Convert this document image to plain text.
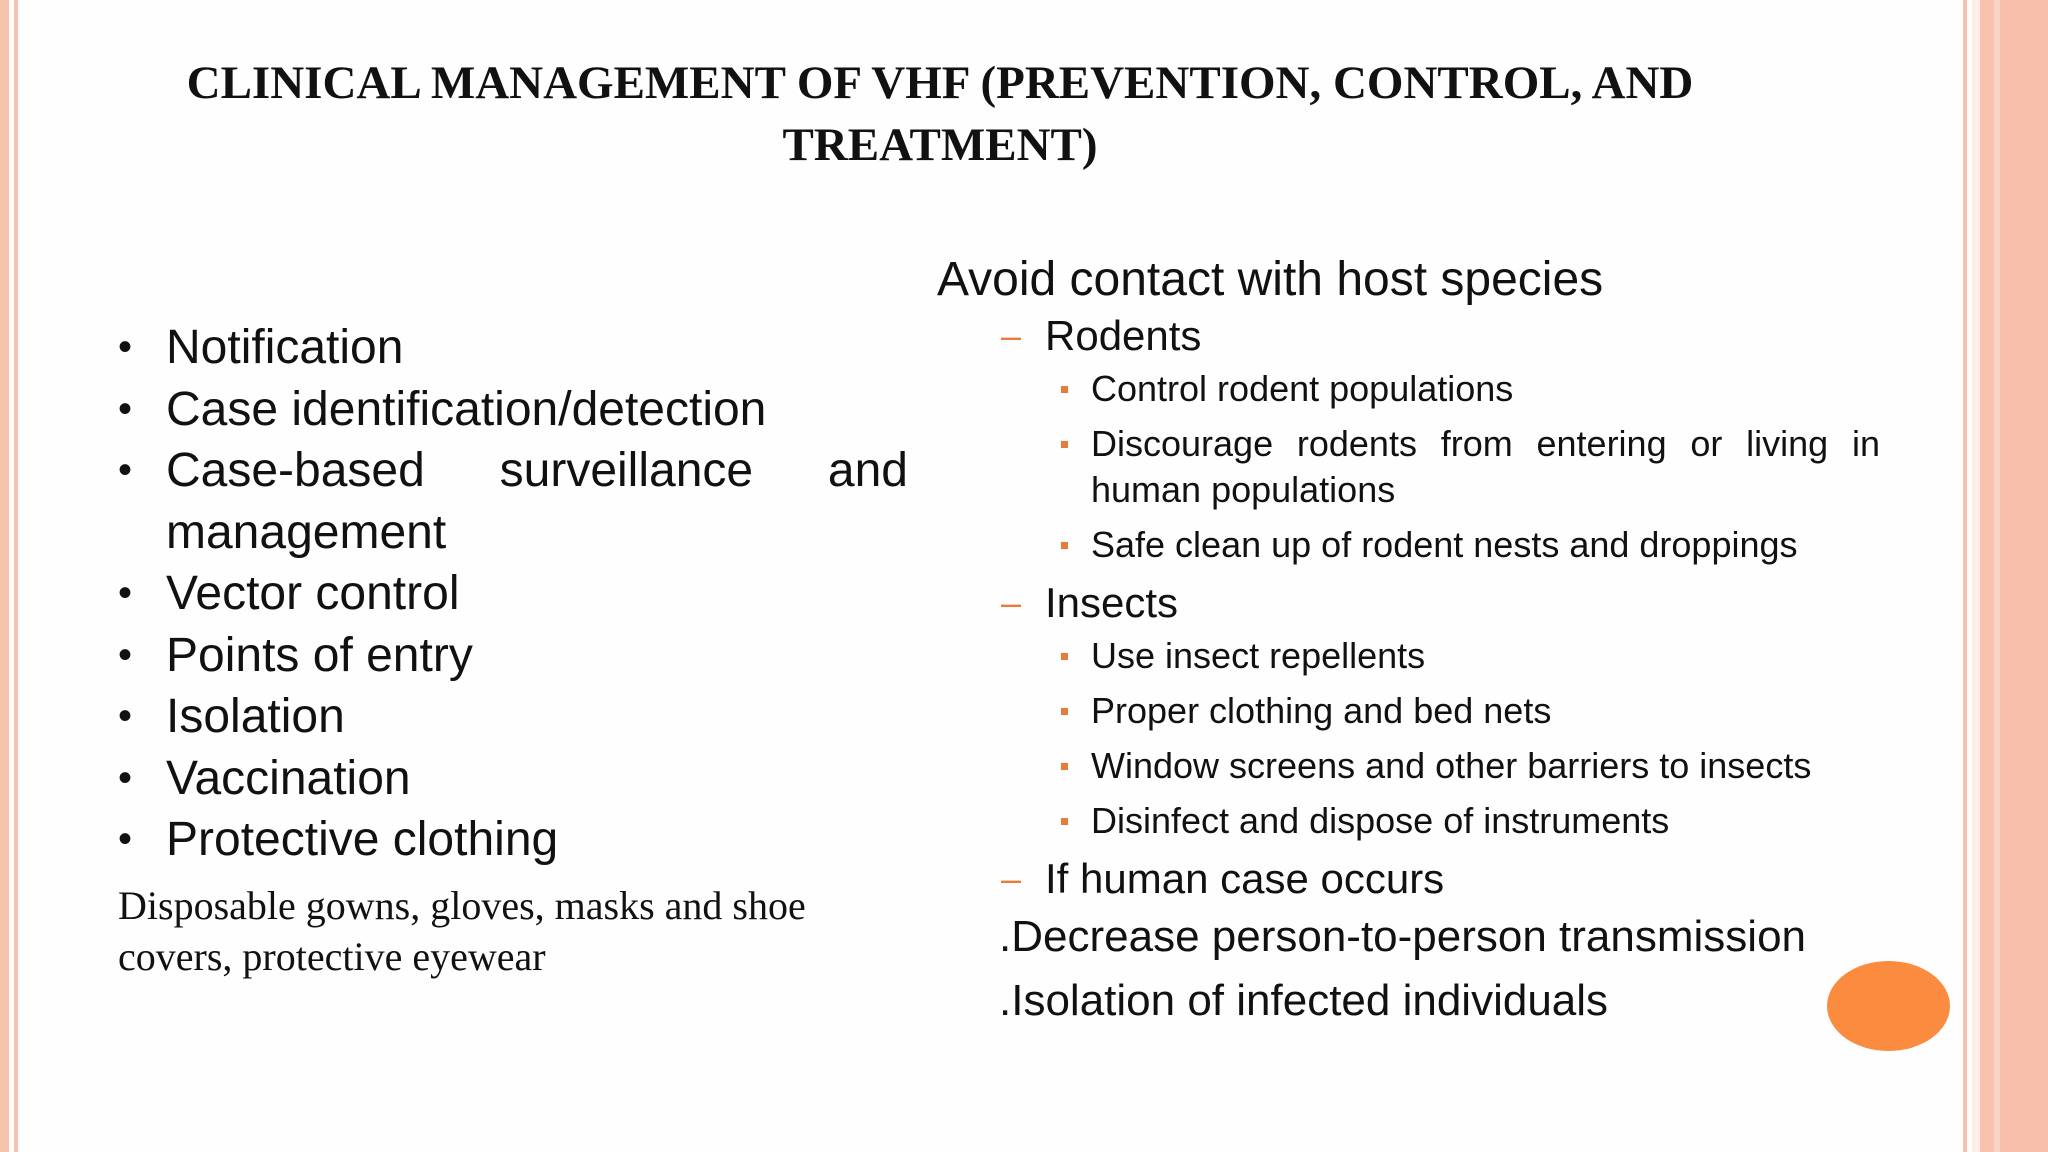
CLINICAL MANAGEMENT OF VHF (PREVENTION, CONTROL, AND TREATMENT)
• Notification
• Case identification/detection
• Case-based surveillance and management
• Vector control
• Points of entry
• Isolation
• Vaccination
• Protective clothing

Disposable gowns, gloves, masks and shoe covers, protective eyewear

Avoid contact with host species

– Rodents
Control rodent populations
Discourage rodents from entering or living in human populations
Safe clean up of rodent nests and droppings
– Insects
Use insect repellents
Proper clothing and bed nets
Window screens and other barriers to insects
Disinfect and dispose of instruments
– If human case occurs
.Decrease person-to-person transmission
.Isolation of infected individuals
